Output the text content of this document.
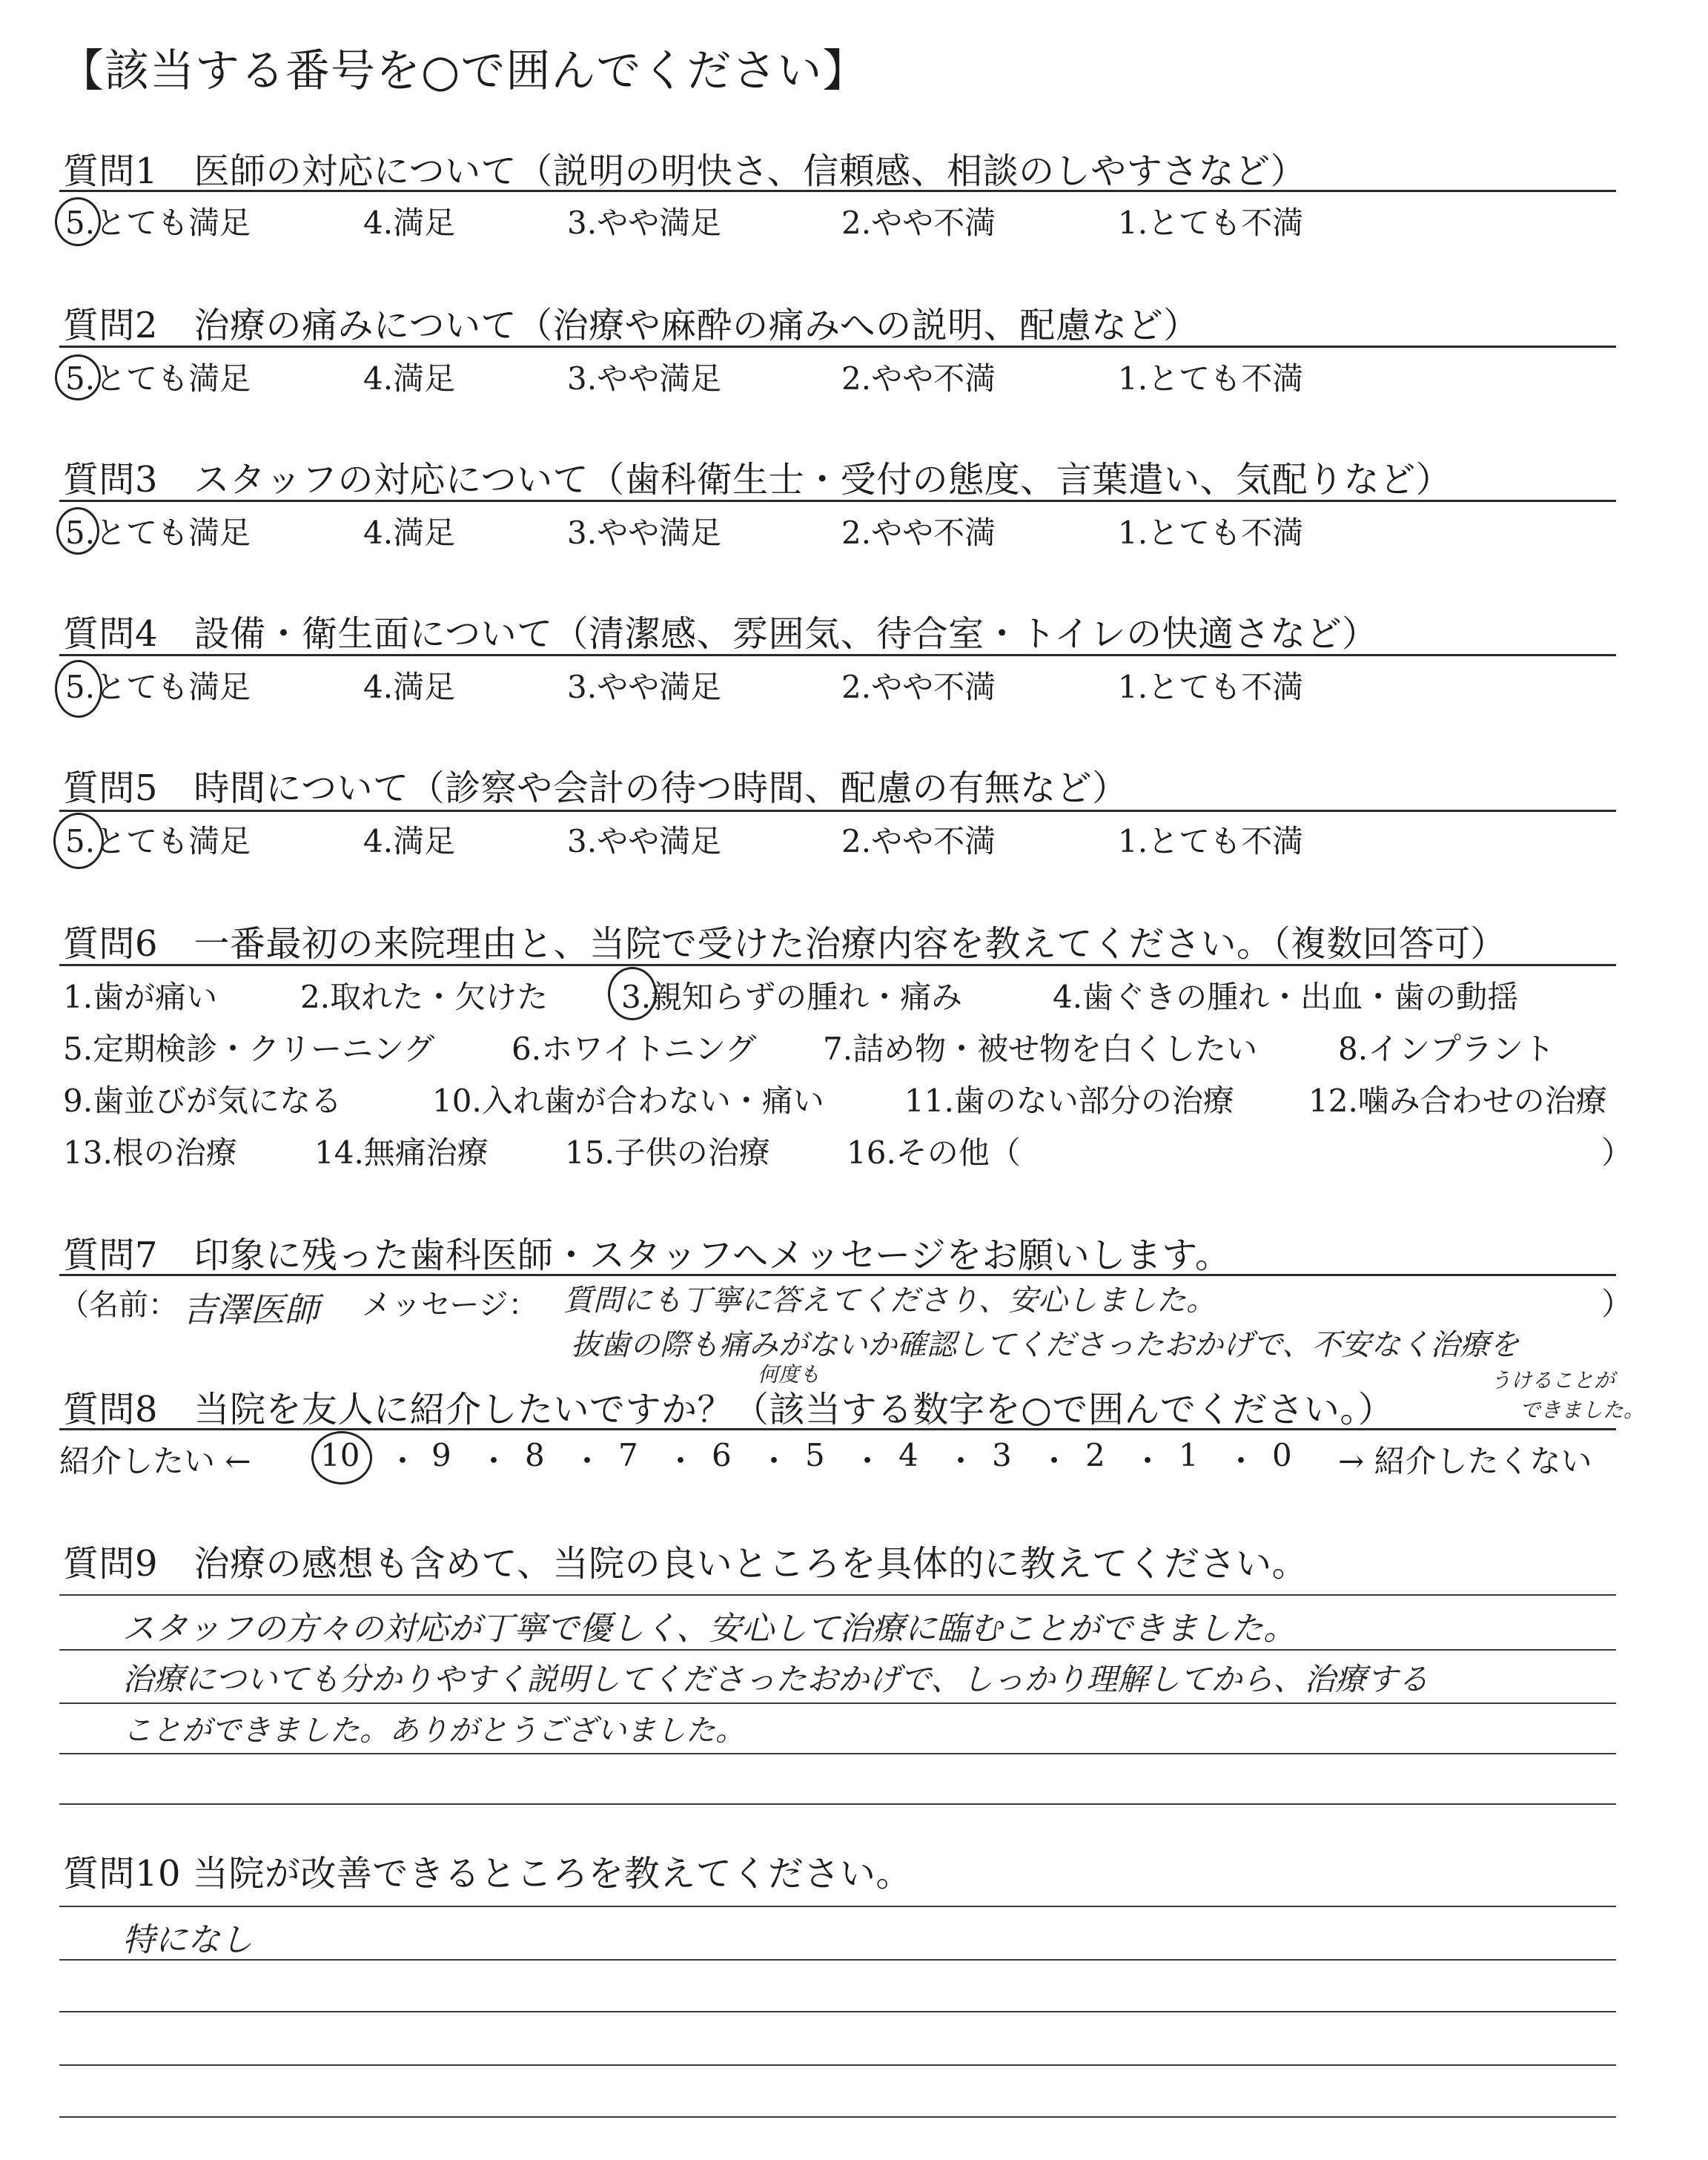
【該当する番号を○で囲んでください】
質問1　医師の対応について（説明の明快さ、信頼感、相談のしやすさなど）
5.とても満足	4.満足	3.やや満足	2.やや不満	1.とても不満
質問2　治療の痛みについて（治療や麻酔の痛みへの説明、配慮など）
5.とても満足	4.満足	3.やや満足	2.やや不満	1.とても不満
質問3　スタッフの対応について（歯科衛生士・受付の態度、言葉遣い、気配りなど）
5.とても満足	4.満足	3.やや満足	2.やや不満	1.とても不満
質問4　設備・衛生面について（清潔感、雰囲気、待合室・トイレの快適さなど）
5.とても満足	4.満足	3.やや満足	2.やや不満	1.とても不満
質問5　時間について（診察や会計の待つ時間、配慮の有無など）
5.とても満足	4.満足	3.やや満足	2.やや不満	1.とても不満
質問6　一番最初の来院理由と、当院で受けた治療内容を教えてください。（複数回答可）
1.歯が痛い	2.取れた・欠けた 3.親知らずの腫れ・痛み	4.歯ぐきの腫れ・出血・歯の動揺
5.定期検診・クリーニング 6.ホワイトニング 7.詰め物・被せ物を白くしたい	8.インプラント
9.歯並びが気になる	10.入れ歯が合わない・痛い	11.歯のない部分の治療 12.噛み合わせの治療
13.根の治療 14.無痛治療 15.子供の治療 16.その他（	）
質問7　印象に残った歯科医師・スタッフへメッセージをお願いします。
（名前： 吉澤医師 メッセージ： 質問にも丁寧に答えてくださり、安心しました。	）
抜歯の際も痛みがないか確認してくださったおかげで、不安なく治療を
何度も	うけることが
できました。
質問8　当院を友人に紹介したいですか？（該当する数字を○で囲んでください。）
紹介したい ← 10 ・ 9 ・ 8 ・ 7 ・ 6 ・ 5 ・ 4 ・ 3 ・ 2 ・ 1 ・ 0 → 紹介したくない
質問9　治療の感想も含めて、当院の良いところを具体的に教えてください。
スタッフの方々の対応が丁寧で優しく、安心して治療に臨むことができました。
治療についても分かりやすく説明してくださったおかげで、しっかり理解してから、治療する
ことができました。ありがとうございました。
質問10 当院が改善できるところを教えてください。
特になし
